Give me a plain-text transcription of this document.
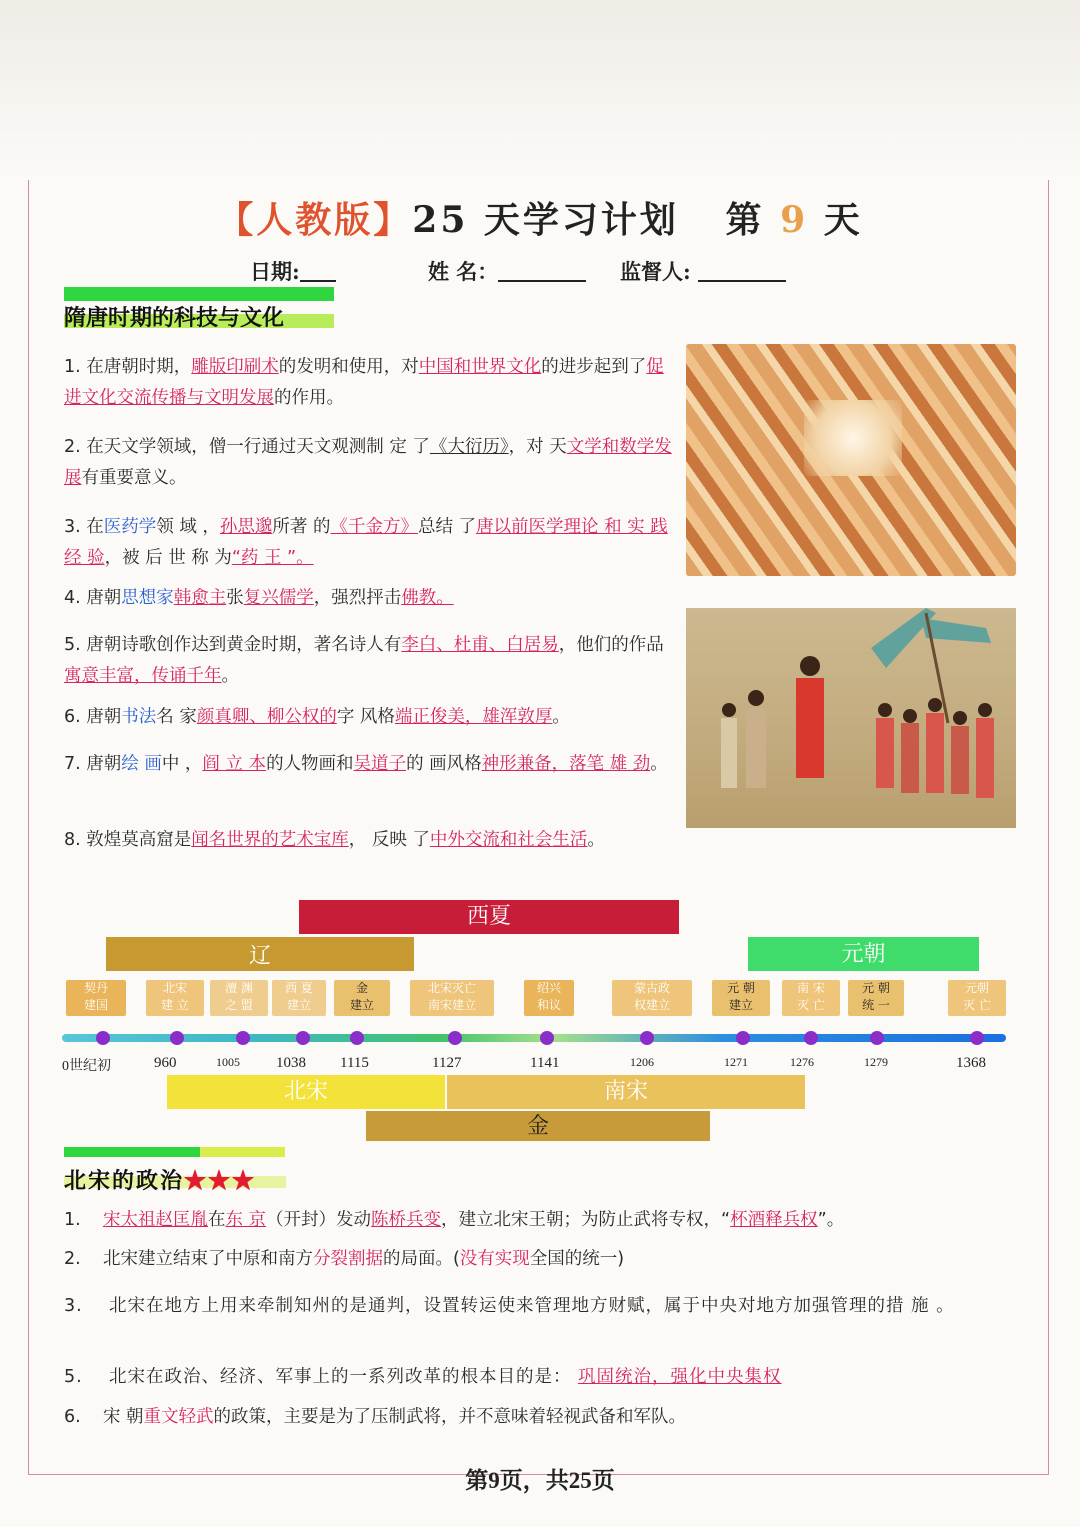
【人教版】25 天学习计划 第 9 天
日期:	姓 名：	监督人:
隋唐时期的科技与文化
1. 在唐朝时期，雕版印刷术的发明和使用，对中国和世界文化的进步起到了促进文化交流传播与文明发展的作用。
2. 在天文学领域，僧一行通过天文观测制 定 了《大衍历》，对 天文学和数学发展有重要意义。
3. 在医药学领 域 ，孙思邈所著 的《千金方》总结 了唐以前医学理论 和 实 践 经 验，被 后 世 称 为“药 王 ”。
4. 唐朝思想家韩愈主张复兴儒学，强烈抨击佛教。
5. 唐朝诗歌创作达到黄金时期，著名诗人有李白、杜甫、白居易，他们的作品寓意丰富，传诵千年。
6. 唐朝书法名 家颜真卿、柳公权的字 风格端正俊美，雄浑敦厚。
7. 唐朝绘 画中 ，阎 立 本的人物画和吴道子的 画风格神形兼备，落笔 雄 劲。
8. 敦煌莫高窟是闻名世界的艺术宝库， 反映 了中外交流和社会生活。
西夏
辽	元朝
契丹
建国
北宋
建 立
澶 渊
之 盟
西 夏
建立
金
建立
北宋灭亡
南宋建立
绍兴
和议
蒙古政
权建立
元 朝
建立
南 宋
灭 亡
元 朝
统 一
元朝
灭 亡
0世纪初	960	1005 1038 1115	1127	1141	1206	1271	1276	1279	1368
北宋	南宋
金
北宋的政治★★★
1. 宋太祖赵匡胤在东 京（开封）发动陈桥兵变，建立北宋王朝；为防止武将专权，“杯酒释兵权”。
2. 北宋建立结束了中原和南方分裂割据的局面。(没有实现全国的统一)
3. 北宋在地方上用来牵制知州的是通判，设置转运使来管理地方财赋，属于中央对地方加强管理的措 施 。
5. 北宋在政治、经济、军事上的一系列改革的根本目的是： 巩固统治，强化中央集权
6. 宋 朝重文轻武的政策，主要是为了压制武将，并不意味着轻视武备和军队。
第9页，共25页
